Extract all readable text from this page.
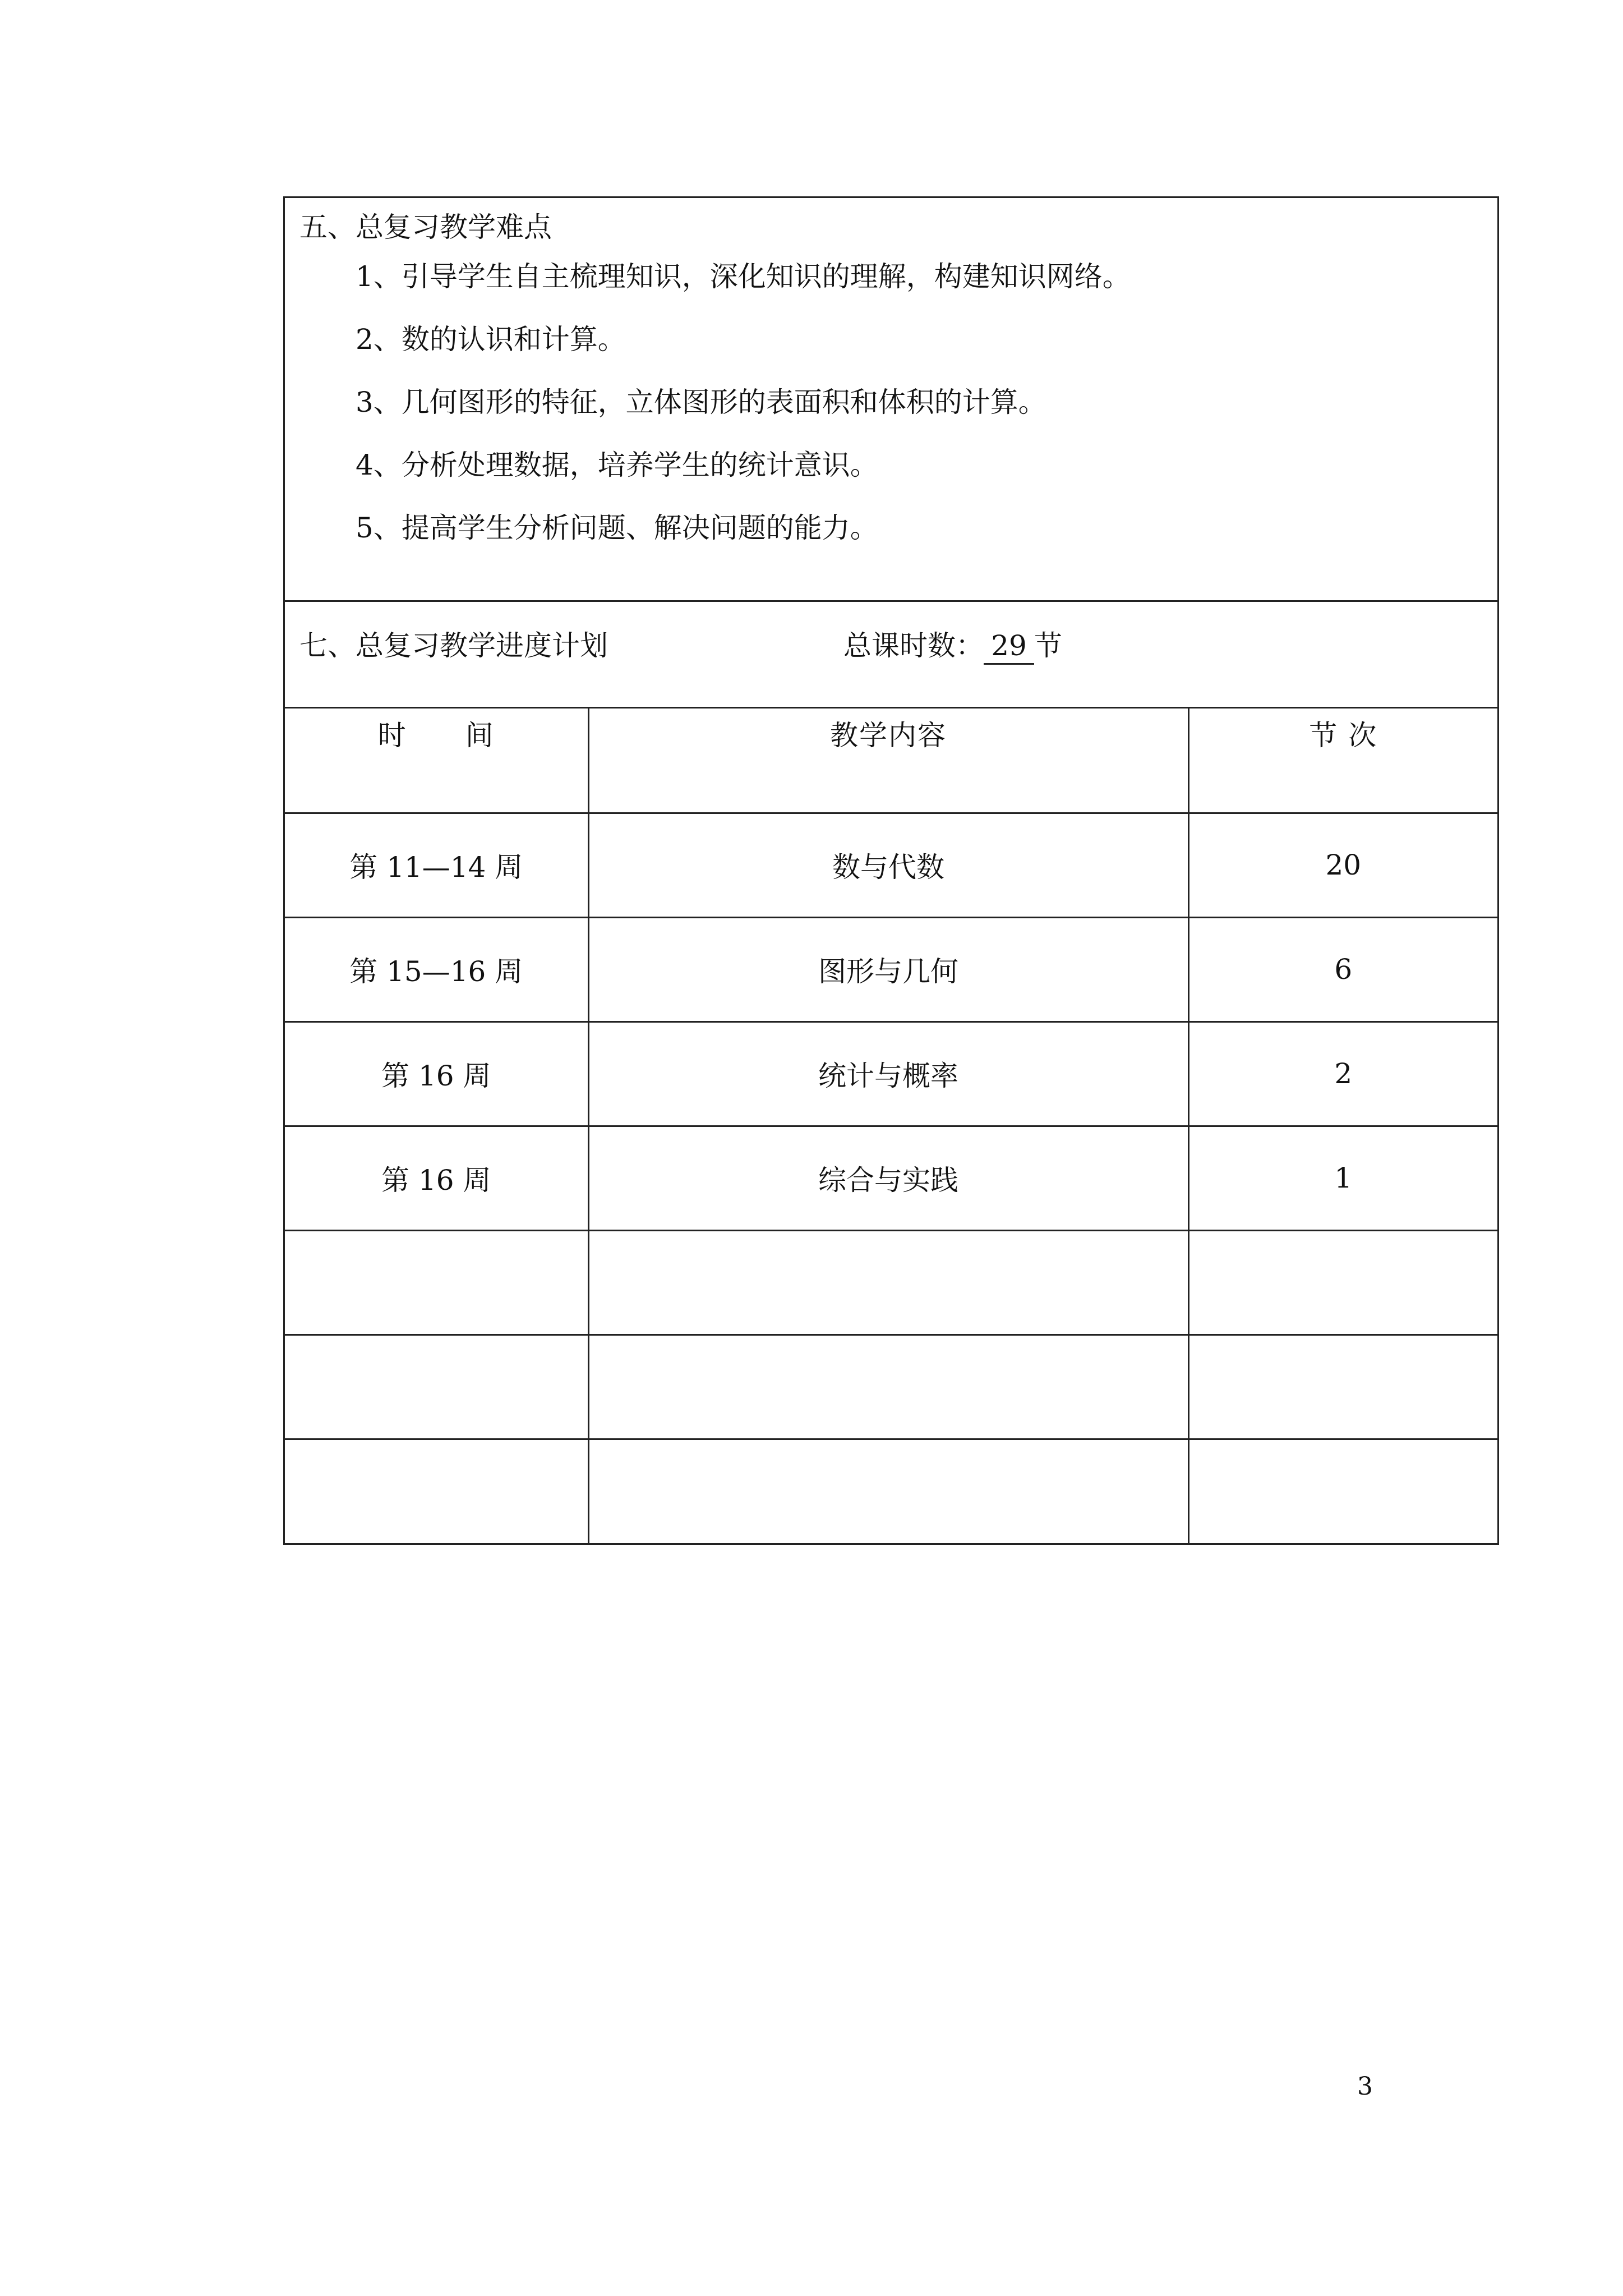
五、总复习教学难点
1、引导学生自主梳理知识，深化知识的理解，构建知识网络。
2、数的认识和计算。
3、几何图形的特征，立体图形的表面积和体积的计算。
4、分析处理数据，培养学生的统计意识。
5、提高学生分析问题、解决问题的能力。
七、总复习教学进度计划	总课时数： 29 节
时　　间	教学内容	节 次
第 11—14 周	数与代数	20
第 15—16 周	图形与几何	6
第 16 周	统计与概率	2
第 16 周	综合与实践	1

3
